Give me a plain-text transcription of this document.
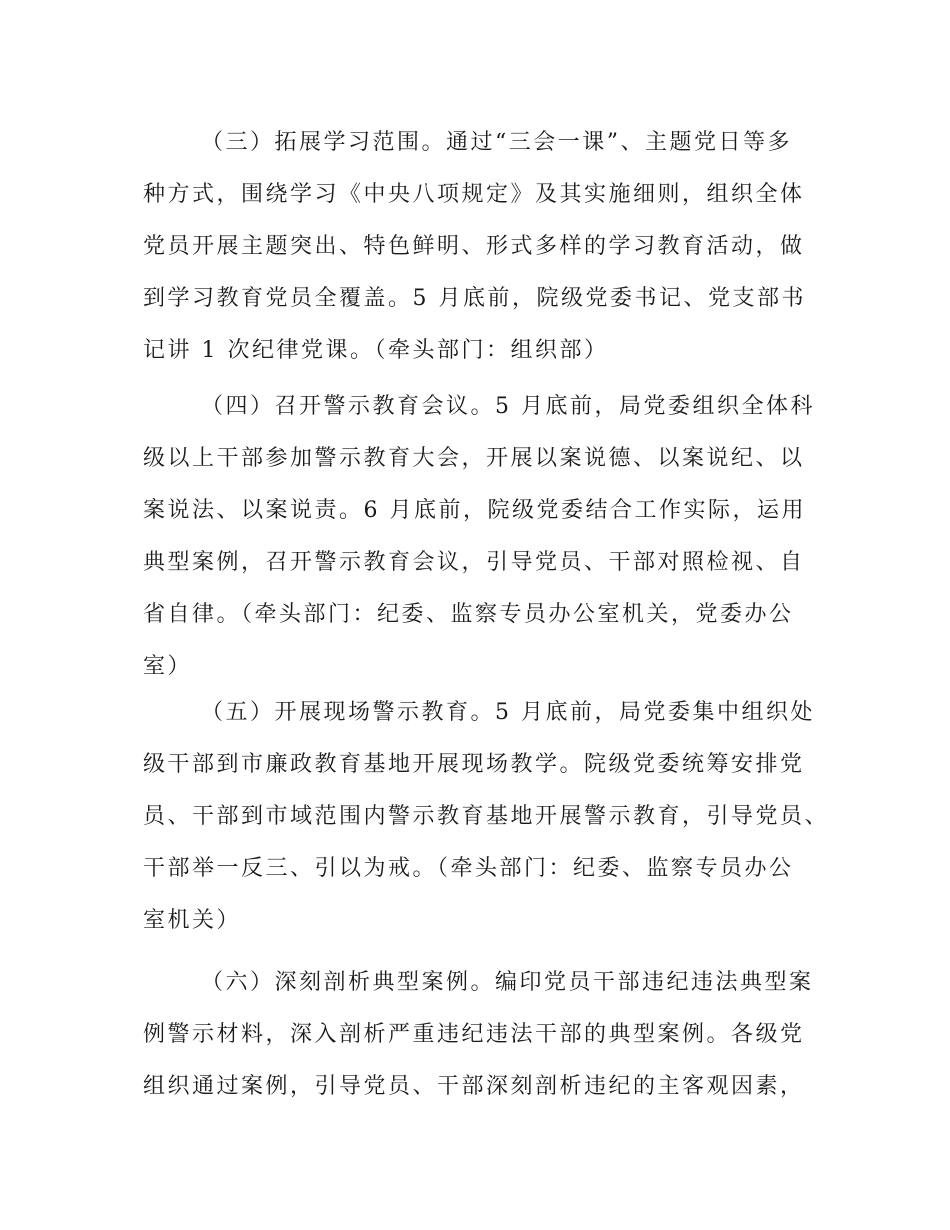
（三）拓展学习范围。通过“三会一课”、主题党日等多
种方式，围绕学习《中央八项规定》及其实施细则，组织全体
党员开展主题突出、特色鲜明、形式多样的学习教育活动，做
到学习教育党员全覆盖。5 月底前，院级党委书记、党支部书
记讲 1 次纪律党课。（牵头部门：组织部）
（四）召开警示教育会议。5 月底前，局党委组织全体科
级以上干部参加警示教育大会，开展以案说德、以案说纪、以
案说法、以案说责。6 月底前，院级党委结合工作实际，运用
典型案例，召开警示教育会议，引导党员、干部对照检视、自
省自律。（牵头部门：纪委、监察专员办公室机关，党委办公
室）
（五）开展现场警示教育。5 月底前，局党委集中组织处
级干部到市廉政教育基地开展现场教学。院级党委统筹安排党
员、干部到市域范围内警示教育基地开展警示教育，引导党员、
干部举一反三、引以为戒。（牵头部门：纪委、监察专员办公
室机关）
（六）深刻剖析典型案例。编印党员干部违纪违法典型案
例警示材料，深入剖析严重违纪违法干部的典型案例。各级党
组织通过案例，引导党员、干部深刻剖析违纪的主客观因素，
